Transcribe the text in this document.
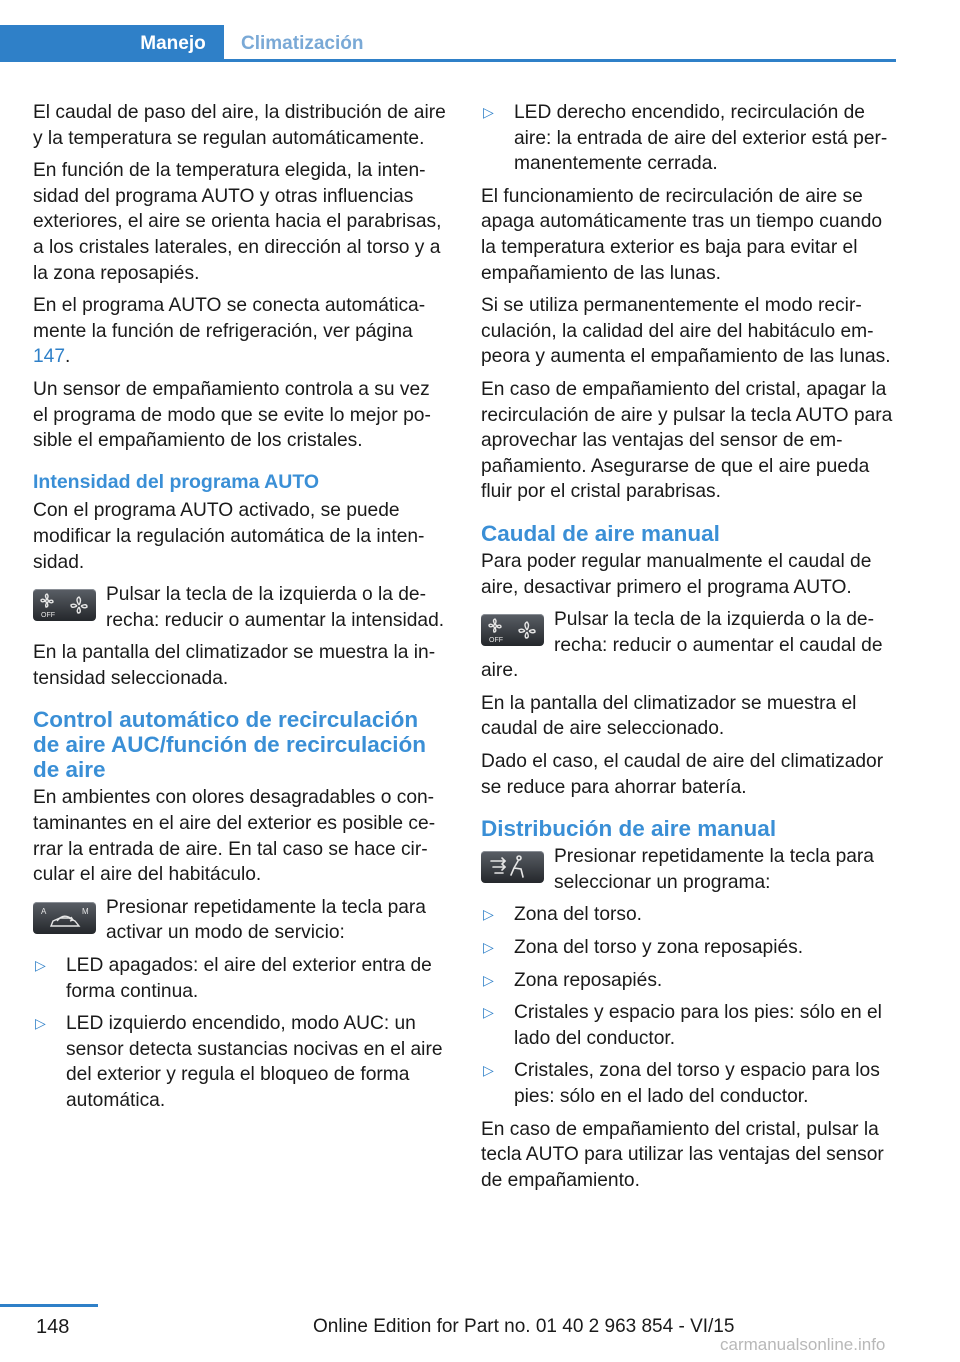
Manejo	Climatización

El caudal de paso del aire, la distribución de aire y la temperatura se regulan automáticamente.

En función de la temperatura elegida, la intensidad del programa AUTO y otras influencias exteriores, el aire se orienta hacia el parabrisas, a los cristales laterales, en dirección al torso y a la zona reposapiés.

En el programa AUTO se conecta automáticamente la función de refrigeración, ver página 147.

Un sensor de empañamiento controla a su vez el programa de modo que se evite lo mejor posible el empañamiento de los cristales.

Intensidad del programa AUTO

Con el programa AUTO activado, se puede modificar la regulación automática de la intensidad.

OFF
Pulsar la tecla de la izquierda o la derecha: reducir o aumentar la intensidad.

En la pantalla del climatizador se muestra la intensidad seleccionada.

Control automático de recirculación de aire AUC/función de recirculación de aire

En ambientes con olores desagradables o contaminantes en el aire del exterior es posible cerrar la entrada de aire. En tal caso se hace circular el aire del habitáculo.

A	M Presionar repetidamente la tecla para activar un modo de servicio:
▷ LED apagados: el aire del exterior entra de forma continua.
▷ LED izquierdo encendido, modo AUC: un sensor detecta sustancias nocivas en el aire del exterior y regula el bloqueo de forma automática.
▷ LED derecho encendido, recirculación de aire: la entrada de aire del exterior está permanentemente cerrada.

El funcionamiento de recirculación de aire se apaga automáticamente tras un tiempo cuando la temperatura exterior es baja para evitar el empañamiento de las lunas.

Si se utiliza permanentemente el modo recirculación, la calidad del aire del habitáculo empeora y aumenta el empañamiento de las lunas.

En caso de empañamiento del cristal, apagar la recirculación de aire y pulsar la tecla AUTO para aprovechar las ventajas del sensor de empañamiento. Asegurarse de que el aire pueda fluir por el cristal parabrisas.

Caudal de aire manual

Para poder regular manualmente el caudal de aire, desactivar primero el programa AUTO.

OFF
Pulsar la tecla de la izquierda o la derecha: reducir o aumentar el caudal de aire.

En la pantalla del climatizador se muestra el caudal de aire seleccionado.

Dado el caso, el caudal de aire del climatizador se reduce para ahorrar batería.

Distribución de aire manual
Presionar repetidamente la tecla para seleccionar un programa:
▷ Zona del torso.
▷ Zona del torso y zona reposapiés.
▷ Zona reposapiés.
▷ Cristales y espacio para los pies: sólo en el lado del conductor.
▷ Cristales, zona del torso y espacio para los pies: sólo en el lado del conductor.

En caso de empañamiento del cristal, pulsar la tecla AUTO para utilizar las ventajas del sensor de empañamiento.

148	Online Edition for Part no. 01 40 2 963 854 - VI/15
carmanualsonline.info
